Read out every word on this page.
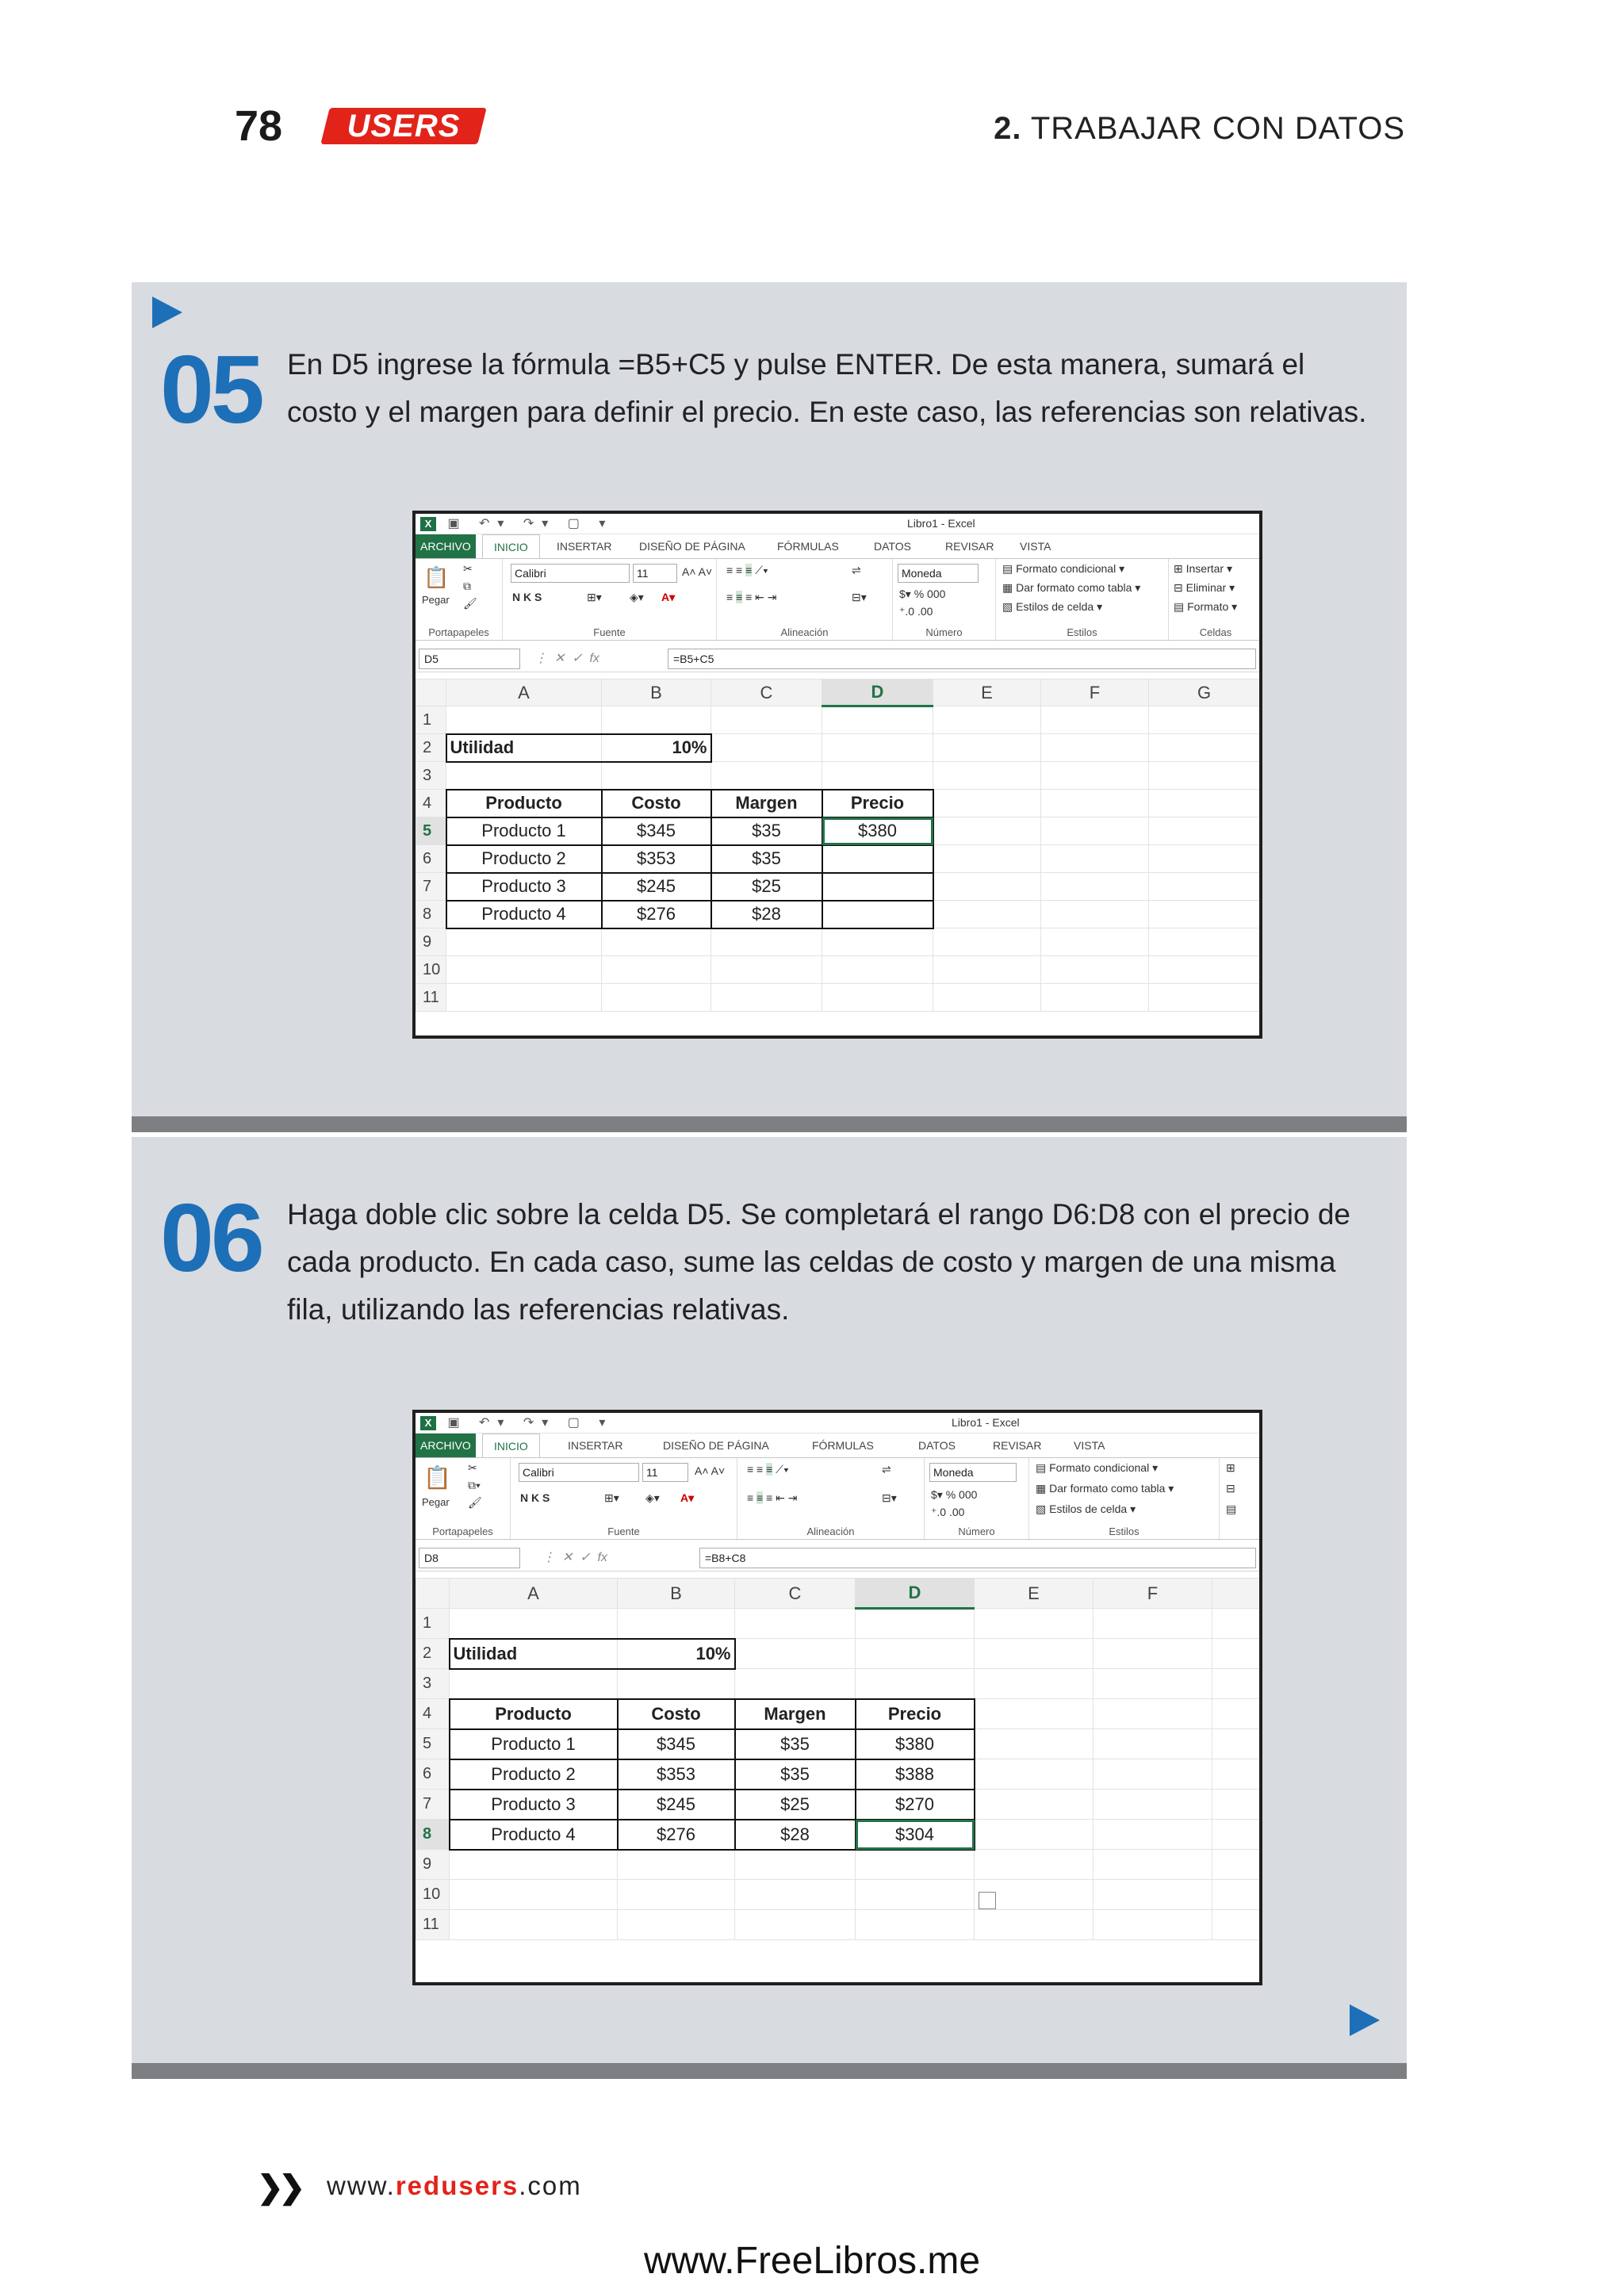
78	USERS	2. TRABAJAR CON DATOS
05 En D5 ingrese la fórmula =B5+C5 y pulse ENTER. De esta manera, sumará el costo y el margen para definir el precio. En este caso, las referencias son relativas.
X ▣ ↶▾ ↷▾ ▢ ▾	Libro1 - Excel
ARCHIVO	INICIO	INSERTAR DISEÑO DE PÁGINA	FÓRMULAS	DATOS	REVISAR VISTA
📋 ✂
⧉
🖌
Pegar
Portapapeles
Calibri	11	A˄ A˅
N K S	⊞▾	◈▾ A▾
Fuente
≡ ≡ ≡ ⟋▾
≡ ≡ ≡ ⇤ ⇥
⇌
⊟▾
Alineación
Moneda
$▾ % 000
⁺.0 .00
Número
▤ Formato condicional ▾
▦ Dar formato como tabla ▾
▧ Estilos de celda ▾
Estilos
⊞ Insertar ▾
⊟ Eliminar ▾
▤ Formato ▾
Celdas
D5	⋮  ✕  ✓  fx	=B5+C5
	A	B	C	D	E	F	G
1							
2	Utilidad	10%					
3							
4	Producto	Costo	Margen	Precio			
5	Producto 1	$345	$35	$380			
6	Producto 2	$353	$35				
7	Producto 3	$245	$25				
8	Producto 4	$276	$28				
9							
10							
11							
06 Haga doble clic sobre la celda D5. Se completará el rango D6:D8 con el precio de cada producto. En cada caso, sume las celdas de costo y margen de una misma fila, utilizando las referencias relativas.
X ▣ ↶▾ ↷▾ ▢ ▾	Libro1 - Excel
ARCHIVO	INICIO	INSERTAR	DISEÑO DE PÁGINA	FÓRMULAS	DATOS	REVISAR	VISTA
📋 ✂
⧉▾
🖌
Pegar
Portapapeles
Calibri	11	A˄ A˅
N K S	⊞▾ ◈▾ A▾
Fuente
≡ ≡ ≡ ⟋▾
≡ ≡ ≡ ⇤ ⇥
⇌
⊟▾
Alineación
Moneda
$▾ % 000
⁺.0 .00
Número
▤ Formato condicional ▾
▦ Dar formato como tabla ▾
▧ Estilos de celda ▾
Estilos
⊞
⊟
▤
D8	⋮  ✕  ✓  fx	=B8+C8
	A	B	C	D	E	F	
1							
2	Utilidad	10%					
3							
4	Producto	Costo	Margen	Precio			
5	Producto 1	$345	$35	$380			
6	Producto 2	$353	$35	$388			
7	Producto 3	$245	$25	$270			
8	Producto 4	$276	$28	$304			
9							
10							
11							
❯❯ www.redusers.com
www.FreeLibros.me
